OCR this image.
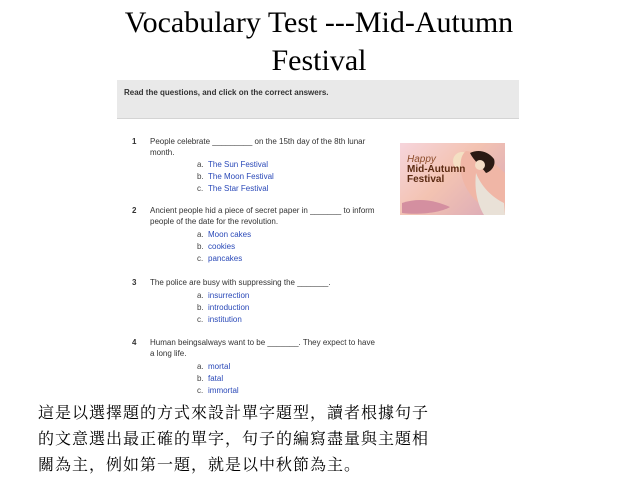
Vocabulary Test ---Mid-Autumn
Festival
Read the questions, and click on the correct answers.
1 People celebrate _________ on the 15th day of the 8th lunar month.
a. The Sun Festival
b. The Moon Festival
c. The Star Festival
2 Ancient people hid a piece of secret paper in _______ to inform people of the date for the revolution.
a. Moon cakes
b. cookies
c. pancakes
3 The police are busy with suppressing the _______.
a. insurrection
b. introduction
c. institution
4 Human beingsalways want to be _______. They expect to have a long life.
a. mortal
b. fatal
c. immortal
Happy
Mid-Autumn
Festival
這是以選擇題的方式來設計單字題型，讀者根據句子
的文意選出最正確的單字，句子的編寫盡量與主題相
關為主，例如第一題，就是以中秋節為主。
